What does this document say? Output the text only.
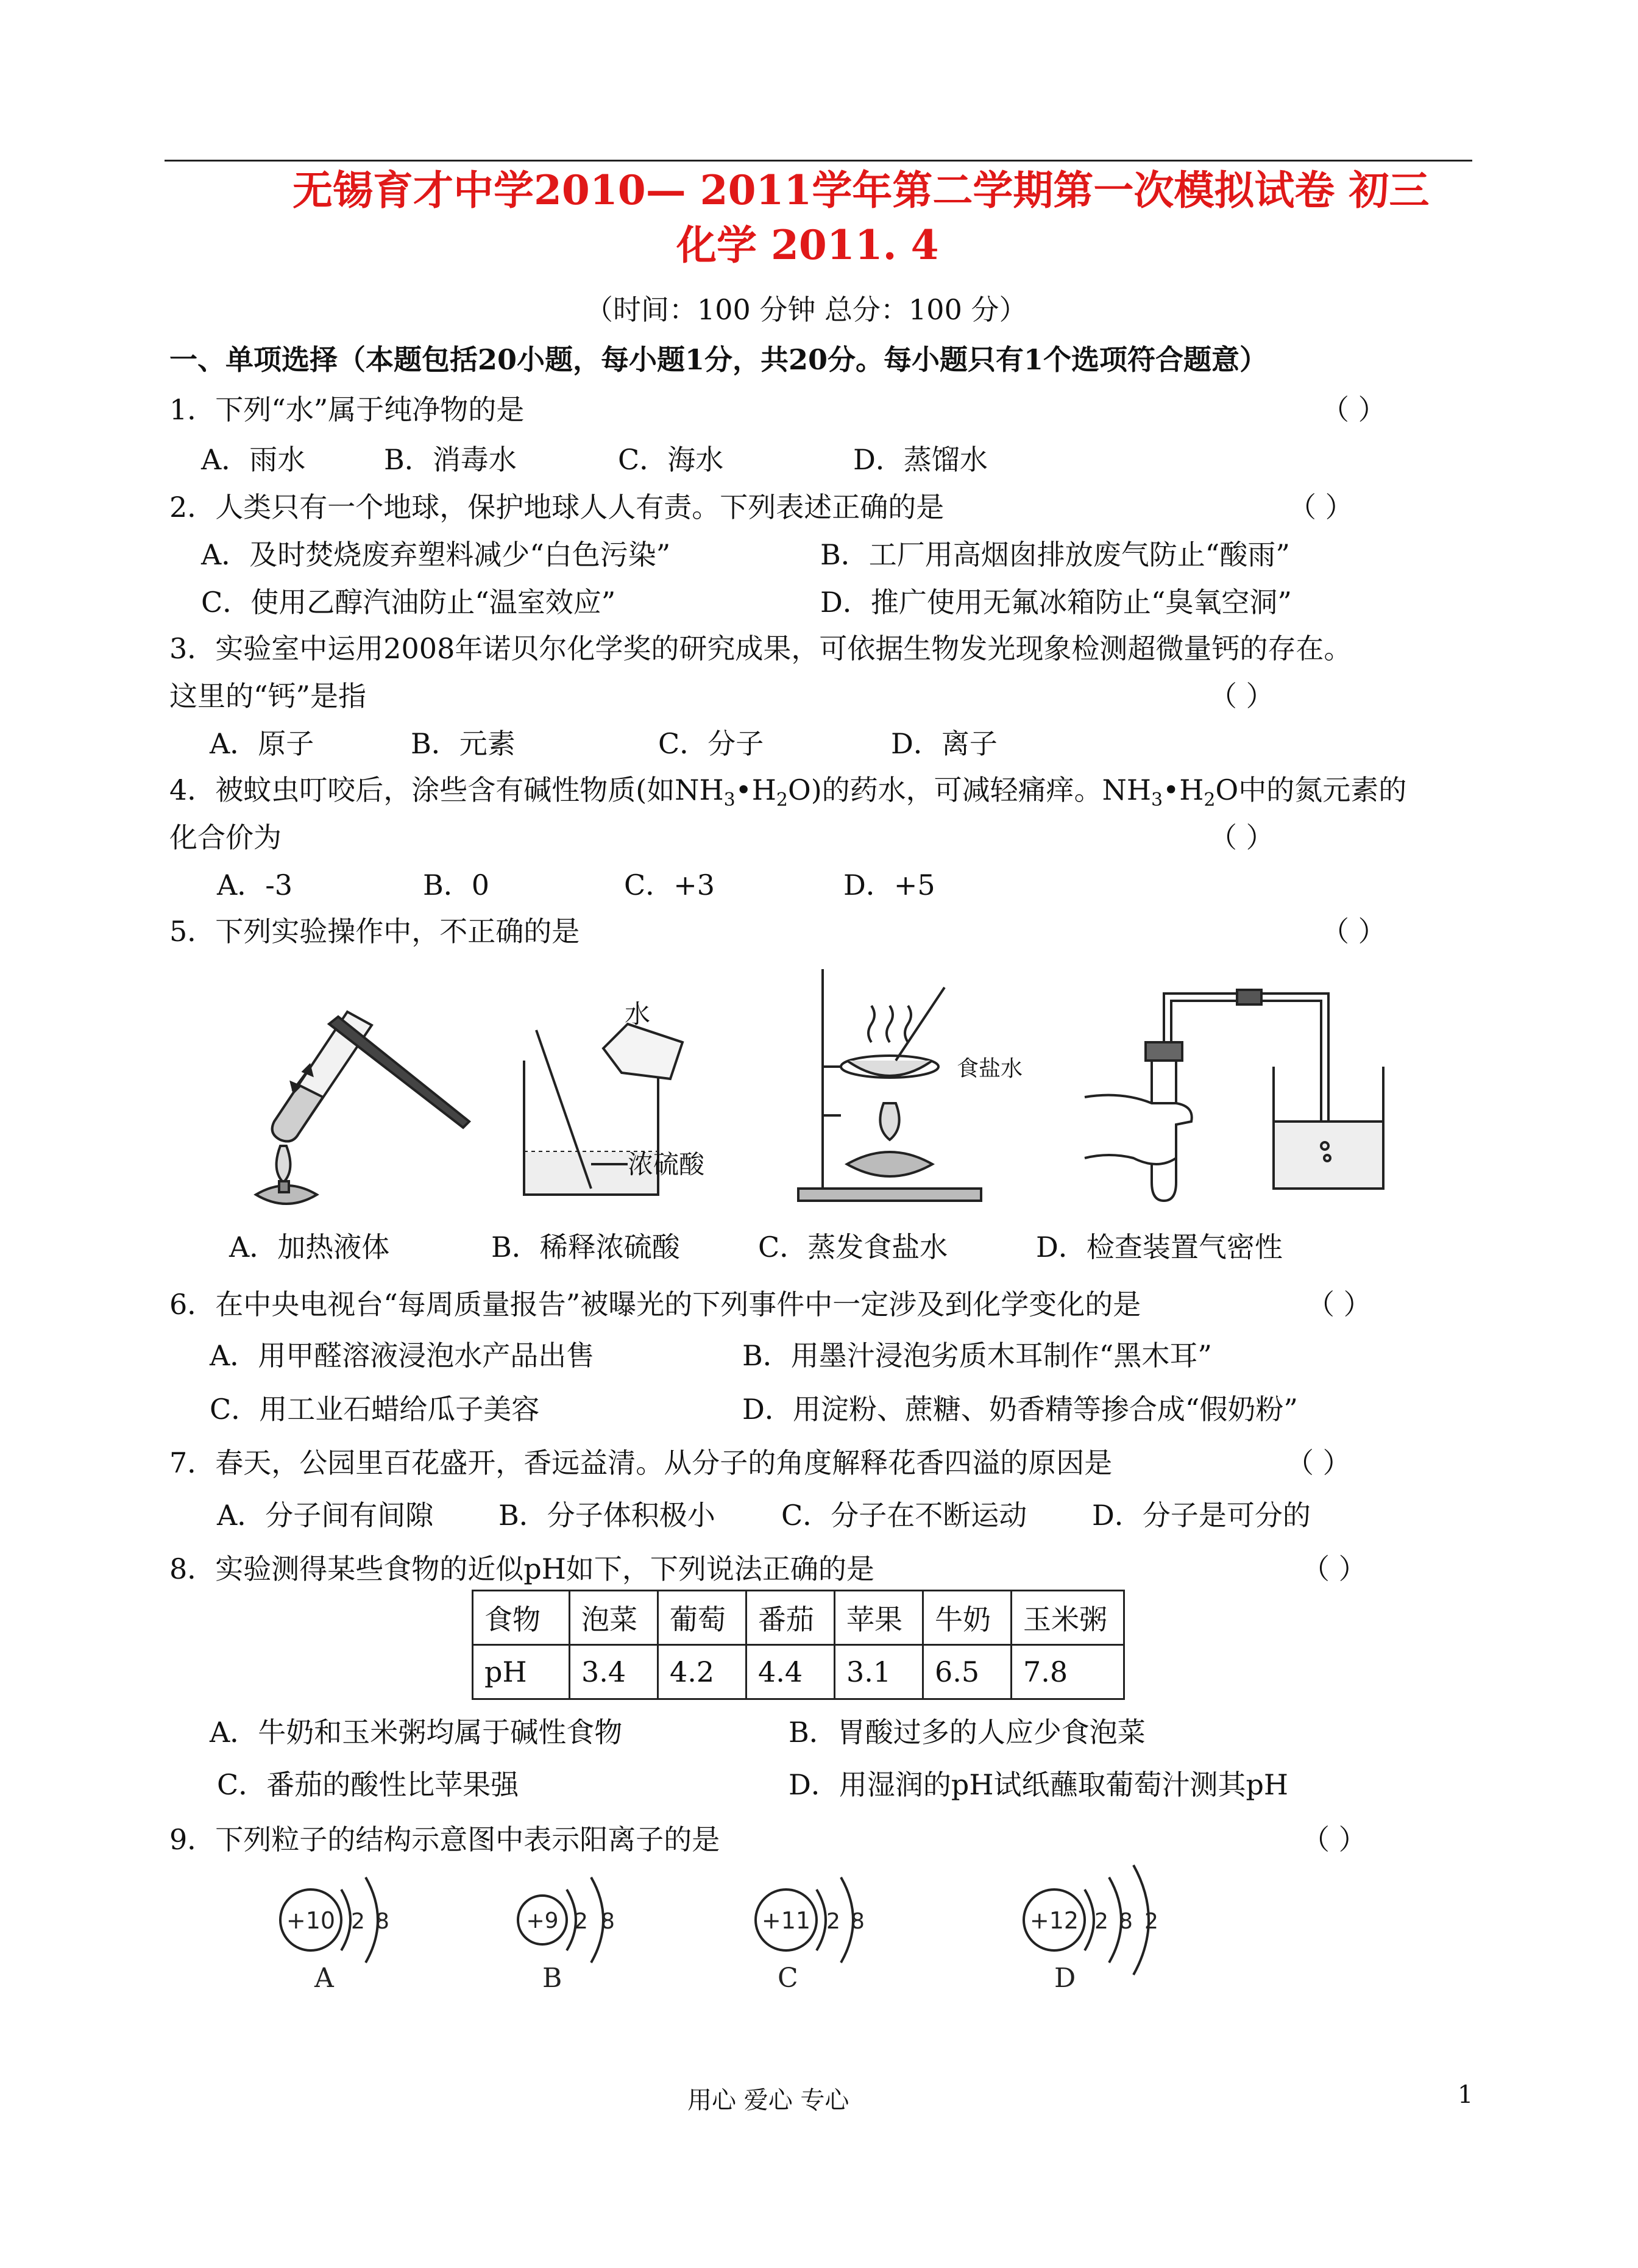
无锡育才中学2010— 2011学年第二学期第一次模拟试卷 初三
化学 2011. 4
（时间：100 分钟 总分：100 分）
一、单项选择（本题包括20小题，每小题1分，共20分。每小题只有1个选项符合题意）
1．下列“水”属于纯净物的是	（ ）
A．雨水	B．消毒水	C．海水	D．蒸馏水
2．人类只有一个地球，保护地球人人有责。下列表述正确的是	（ ）
A．及时焚烧废弃塑料减少“白色污染”	B．工厂用高烟囱排放废气防止“酸雨”
C．使用乙醇汽油防止“温室效应”	D．推广使用无氟冰箱防止“臭氧空洞”
3．实验室中运用2008年诺贝尔化学奖的研究成果，可依据生物发光现象检测超微量钙的存在。
这里的“钙”是指	（ ）
A．原子	B．元素	C．分子	D．离子
4．被蚊虫叮咬后，涂些含有碱性物质(如$NH_3•H_2O$)的药水，可减轻痛痒。$NH_3•H_2O$中的氮元素的
化合价为	（ ）
A．-3	B．0	C．+3	D．+5
5．下列实验操作中，不正确的是	（ ）
水
浓硫酸
食盐水
A．加热液体	B．稀释浓硫酸	C．蒸发食盐水	D．检查装置气密性
6．在中央电视台“每周质量报告”被曝光的下列事件中一定涉及到化学变化的是	（ ）
A．用甲醛溶液浸泡水产品出售	B．用墨汁浸泡劣质木耳制作“黑木耳”
C．用工业石蜡给瓜子美容	D．用淀粉、蔗糖、奶香精等掺合成“假奶粉”
7．春天，公园里百花盛开，香远益清。从分子的角度解释花香四溢的原因是	（ ）
A．分子间有间隙 B．分子体积极小 C．分子在不断运动 D．分子是可分的
8．实验测得某些食物的近似pH如下，下列说法正确的是	（ ）
食物	泡菜	葡萄	番茄	苹果	牛奶	玉米粥
pH	3.4	4.2	4.4	3.1	6.5	7.8
A．牛奶和玉米粥均属于碱性食物	B．胃酸过多的人应少食泡菜
C．番茄的酸性比苹果强	D．用湿润的pH试纸蘸取葡萄汁测其pH
9．下列粒子的结构示意图中表示阳离子的是	（ ）
+10 2 8
A
+9 2 8
B
+11 2 8
C
+12 2 8 2
D
用心 爱心 专心	1
